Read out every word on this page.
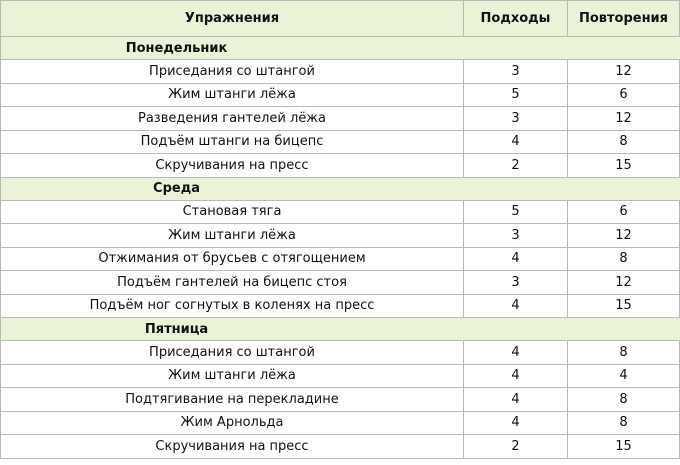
Упражнения	Подходы	Повторения
Понедельник		
Приседания со штангой	3	12
Жим штанги лёжа	5	6
Разведения гантелей лёжа	3	12
Подъём штанги на бицепс	4	8
Скручивания на пресс	2	15
Среда		
Становая тяга	5	6
Жим штанги лёжа	3	12
Отжимания от брусьев с отягощением	4	8
Подъём гантелей на бицепс стоя	3	12
Подъём ног согнутых в коленях на пресс	4	15
Пятница		
Приседания со штангой	4	8
Жим штанги лёжа	4	4
Подтягивание на перекладине	4	8
Жим Арнольда	4	8
Скручивания на пресс	2	15
